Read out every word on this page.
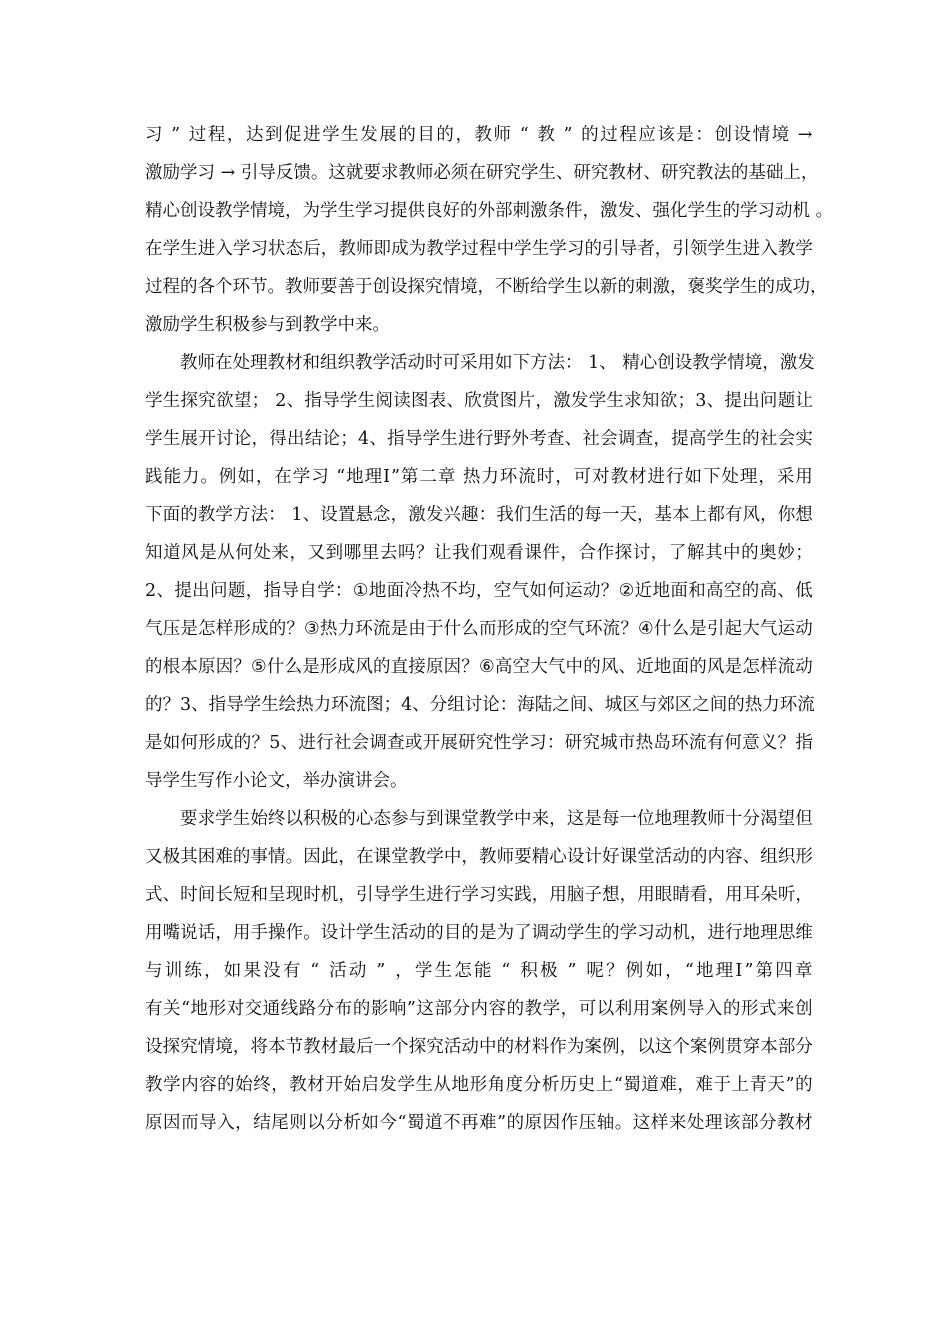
习
”
过 程 ， 达 到 促 进 学 生 发 展 的 目 的 ， 教 师
“
教
”
的 过 程 应 该 是 ： 创 设 情 境
→
激 励 学 习
→
引 导 反 馈 。 这 就 要 求 教 师 必 须 在 研 究 学 生 、 研 究 教 材 、 研 究 教 法 的 基 础 上 ，
精 心 创 设 教 学 情 境 ， 为 学 生 学 习 提 供 良 好 的 外 部 刺 激 条 件 ， 激 发 、 强 化 学 生 的 学 习 动 机
。
在 学 生 进 入 学 习 状 态 后 ， 教 师 即 成 为 教 学 过 程 中 学 生 学 习 的 引 导 者 ， 引 领 学 生 进 入 教 学
过 程 的 各 个 环 节 。 教 师 要 善 于 创 设 探 究 情 境 ， 不 断 给 学 生 以 新 的 刺 激 ， 褒 奖 学 生 的 成 功 ，
激励学生积极参与到教学中来。
教 师 在 处 理 教 材 和 组 织 教 学 活 动 时 可 采 用 如 下 方 法 ：
1 、
精 心 创 设 教 学 情 境 ， 激 发
学 生 探 究 欲 望 ；
2 、 指 导 学 生 阅 读 图 表 、 欣 赏 图 片 ， 激 发 学 生 求 知 欲 ； 3 、 提 出 问 题 让
学 生 展 开 讨 论 ， 得 出 结 论 ； 4 、 指 导 学 生 进 行 野 外 考 查 、 社 会 调 查 ， 提 高 学 生 的 社 会 实
践 能 力 。 例 如 ， 在 学 习
“ 地 理 Ⅰ ” 第 二 章
热 力 环 流 时 ， 可 对 教 材 进 行 如 下 处 理 ， 采 用
下 面 的 教 学 方 法 ：
1 、 设 置 悬 念 ， 激 发 兴 趣 ： 我 们 生 活 的 每 一 天 ， 基 本 上 都 有 风 ， 你 想
知 道 风 是 从 何 处 来 ， 又 到 哪 里 去 吗 ？ 让 我 们 观 看 课 件 ， 合 作 探 讨 ， 了 解 其 中 的 奥 妙 ；
2 、 提 出 问 题 ， 指 导 自 学 ： ① 地 面 冷 热 不 均 ， 空 气 如 何 运 动 ？ ② 近 地 面 和 高 空 的 高 、 低
气 压 是 怎 样 形 成 的 ？ ③ 热 力 环 流 是 由 于 什 么 而 形 成 的 空 气 环 流 ？ ④ 什 么 是 引 起 大 气 运 动
的 根 本 原 因 ？ ⑤ 什 么 是 形 成 风 的 直 接 原 因 ？ ⑥ 高 空 大 气 中 的 风 、 近 地 面 的 风 是 怎 样 流 动
的 ？ 3 、 指 导 学 生 绘 热 力 环 流 图 ； 4 、 分 组 讨 论 ： 海 陆 之 间 、 城 区 与 郊 区 之 间 的 热 力 环 流
是 如 何 形 成 的 ？ 5 、 进 行 社 会 调 查 或 开 展 研 究 性 学 习 ： 研 究 城 市 热 岛 环 流 有 何 意 义 ？ 指
导学生写作小论文，举办演讲会。
要 求 学 生 始 终 以 积 极 的 心 态 参 与 到 课 堂 教 学 中 来 ， 这 是 每 一 位 地 理 教 师 十 分 渴 望 但
又 极 其 困 难 的 事 情 。 因 此 ， 在 课 堂 教 学 中 ， 教 师 要 精 心 设 计 好 课 堂 活 动 的 内 容 、 组 织 形
式 、 时 间 长 短 和 呈 现 时 机 ， 引 导 学 生 进 行 学 习 实 践 ， 用 脑 子 想 ， 用 眼 睛 看 ， 用 耳 朵 听 ，
用 嘴 说 话 ， 用 手 操 作 。 设 计 学 生 活 动 的 目 的 是 为 了 调 动 学 生 的 学 习 动 机 ， 进 行 地 理 思 维
与 训 练 ， 如 果 没 有
“
活 动
”
， 学 生 怎 能
“
积 极
”
呢 ？ 例 如 ， “ 地 理 Ⅰ ” 第 四 章
有 关 “ 地 形 对 交 通 线 路 分 布 的 影 响 ” 这 部 分 内 容 的 教 学 ， 可 以 利 用 案 例 导 入 的 形 式 来 创
设 探 究 情 境 ， 将 本 节 教 材 最 后 一 个 探 究 活 动 中 的 材 料 作 为 案 例 ， 以 这 个 案 例 贯 穿 本 部 分
教 学 内 容 的 始 终 ， 教 材 开 始 启 发 学 生 从 地 形 角 度 分 析 历 史 上 “ 蜀 道 难 ， 难 于 上 青 天 ” 的
原 因 而 导 入 ， 结 尾 则 以 分 析 如 今 “ 蜀 道 不 再 难 ” 的 原 因 作 压 轴 。 这 样 来 处 理 该 部 分 教 材
